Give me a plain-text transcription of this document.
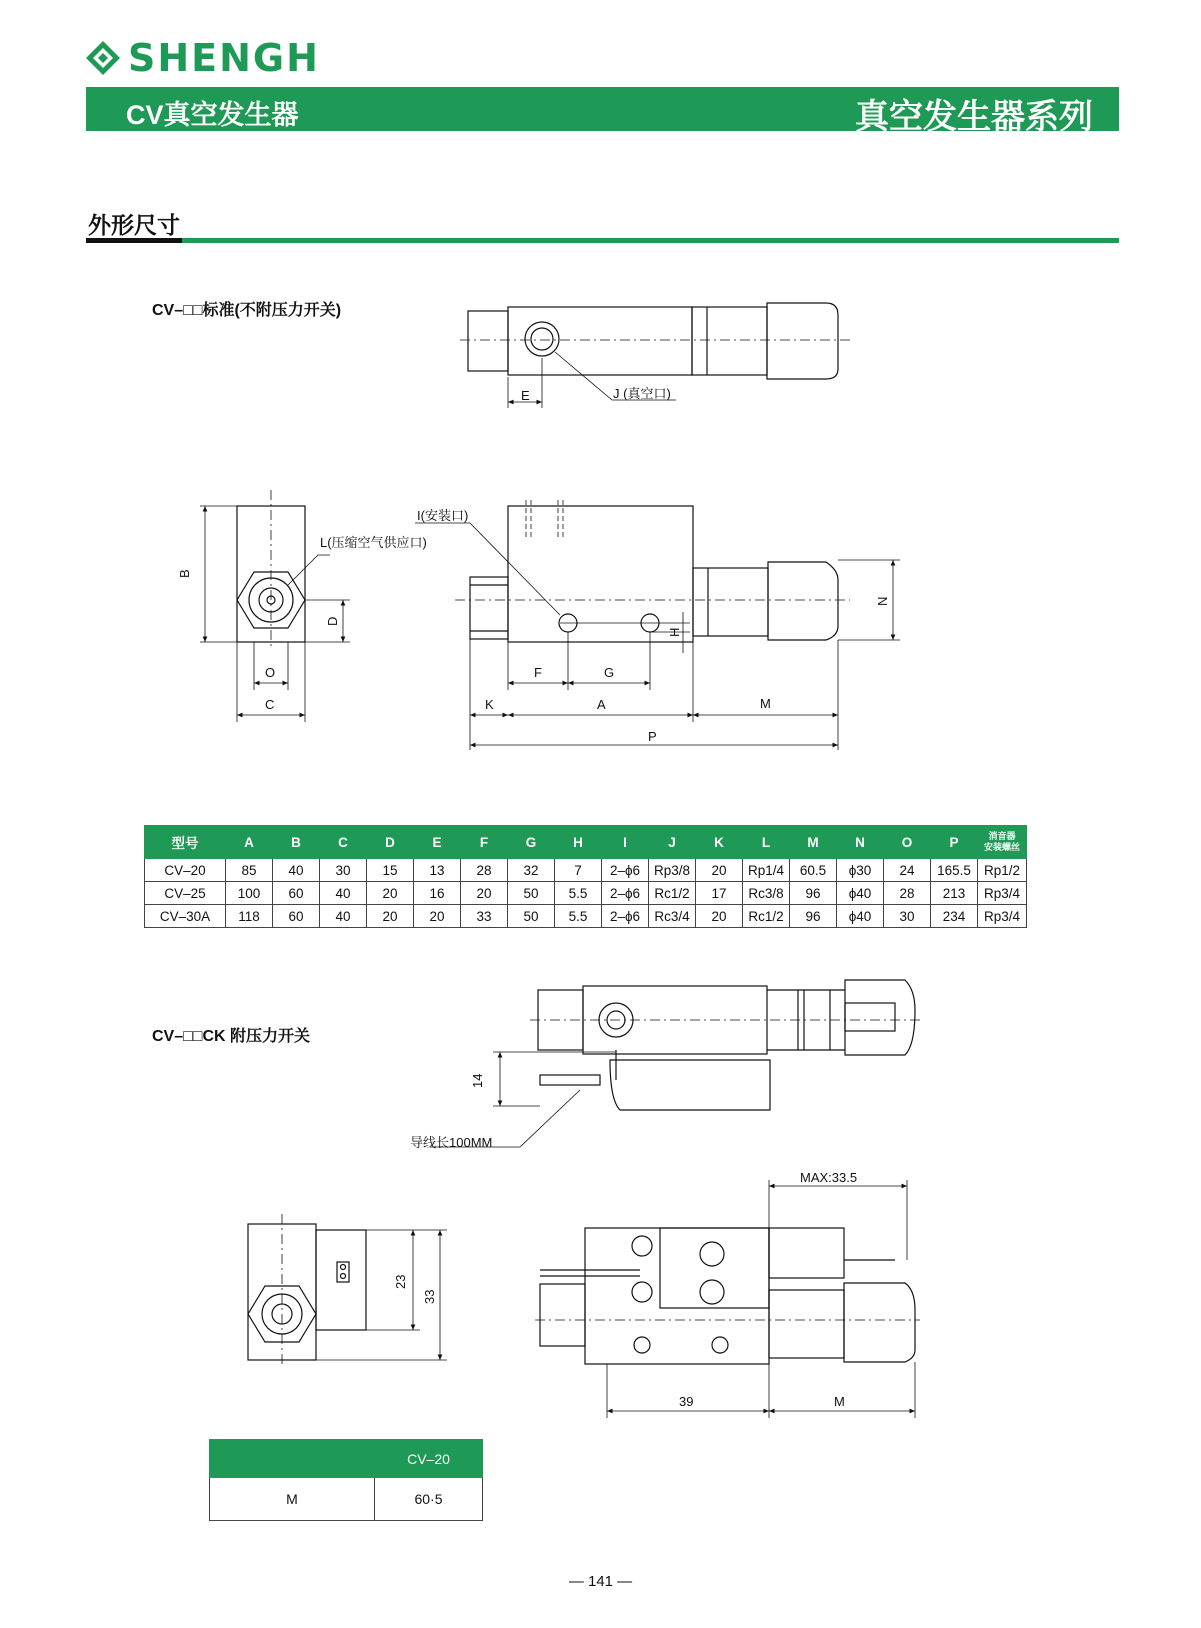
SHENGH
CV真空发生器	真空发生器系列
外形尺寸
CV–□□标准(不附压力开关)
CV–□□CK 附压力开关
E	J (真空口)
I(安装口)
L(压缩空气供应口)
B
D
O
C
N
H
F	G
K	A	M
P
14
导线长100MM
MAX:33.5
23
33
39	M
型号	A	B	C	D	E	F	G	H	I	J	K	L	M	N	O	P	消音器
安装螺丝
CV–20	85	40	30	15	13	28	32	7	2–ϕ6	Rp3/8	20	Rp1/4	60.5	ϕ30	24	165.5	Rp1/2
CV–25	100	60	40	20	16	20	50	5.5	2–ϕ6	Rc1/2	17	Rc3/8	96	ϕ40	28	213	Rp3/4
CV–30A	118	60	40	20	20	33	50	5.5	2–ϕ6	Rc3/4	20	Rc1/2	96	ϕ40	30	234	Rp3/4
	CV–20
M	60·5
— 141 —
